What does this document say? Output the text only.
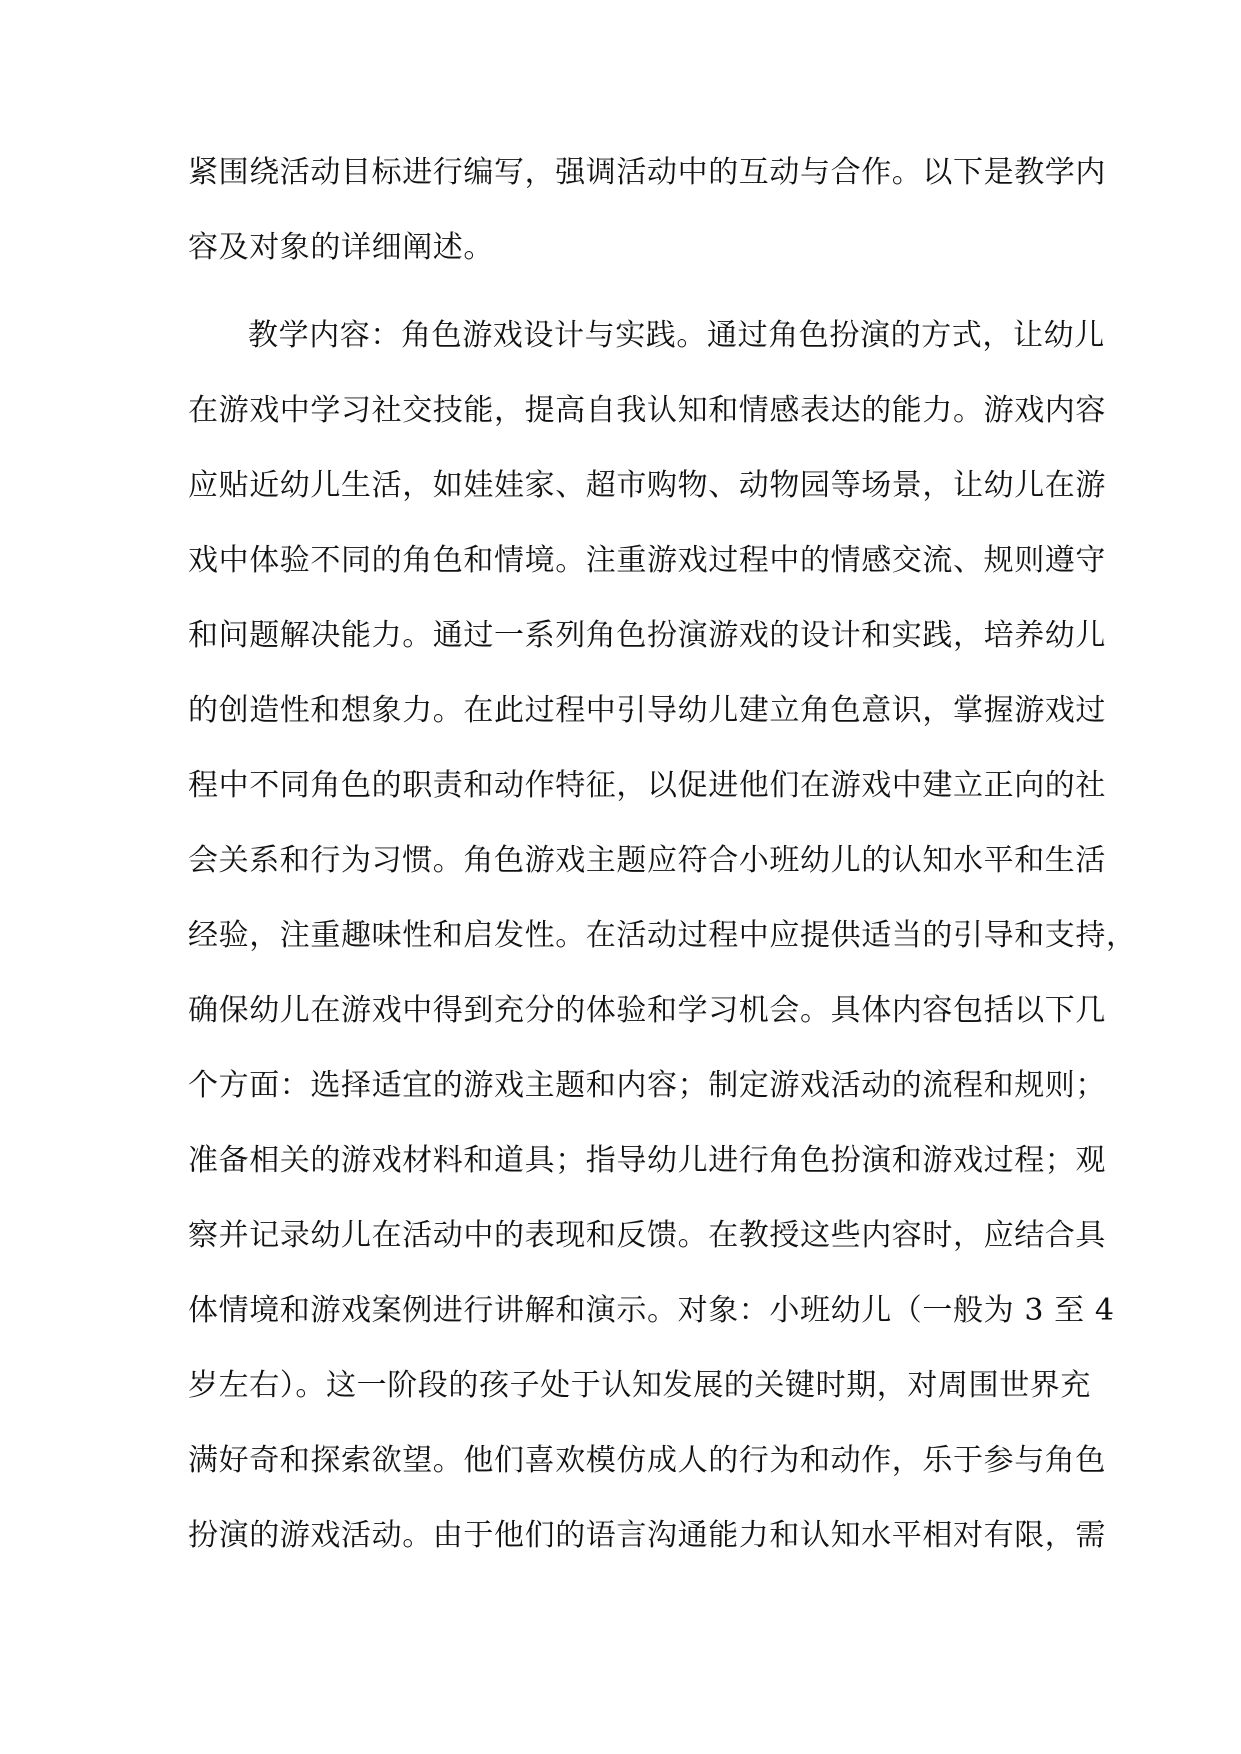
紧围绕活动目标进行编写，强调活动中的互动与合作。以下是教学内
容及对象的详细阐述。
教学内容：角色游戏设计与实践。通过角色扮演的方式，让幼儿
在游戏中学习社交技能，提高自我认知和情感表达的能力。游戏内容
应贴近幼儿生活，如娃娃家、超市购物、动物园等场景，让幼儿在游
戏中体验不同的角色和情境。注重游戏过程中的情感交流、规则遵守
和问题解决能力。通过一系列角色扮演游戏的设计和实践，培养幼儿
的创造性和想象力。在此过程中引导幼儿建立角色意识，掌握游戏过
程中不同角色的职责和动作特征，以促进他们在游戏中建立正向的社
会关系和行为习惯。角色游戏主题应符合小班幼儿的认知水平和生活
经验，注重趣味性和启发性。在活动过程中应提供适当的引导和支持，
确保幼儿在游戏中得到充分的体验和学习机会。具体内容包括以下几
个方面：选择适宜的游戏主题和内容；制定游戏活动的流程和规则；
准备相关的游戏材料和道具；指导幼儿进行角色扮演和游戏过程；观
察并记录幼儿在活动中的表现和反馈。在教授这些内容时，应结合具
体情境和游戏案例进行讲解和演示。对象：小班幼儿（一般为 3 至 4
岁左右）。这一阶段的孩子处于认知发展的关键时期，对周围世界充
满好奇和探索欲望。他们喜欢模仿成人的行为和动作，乐于参与角色
扮演的游戏活动。由于他们的语言沟通能力和认知水平相对有限，需
